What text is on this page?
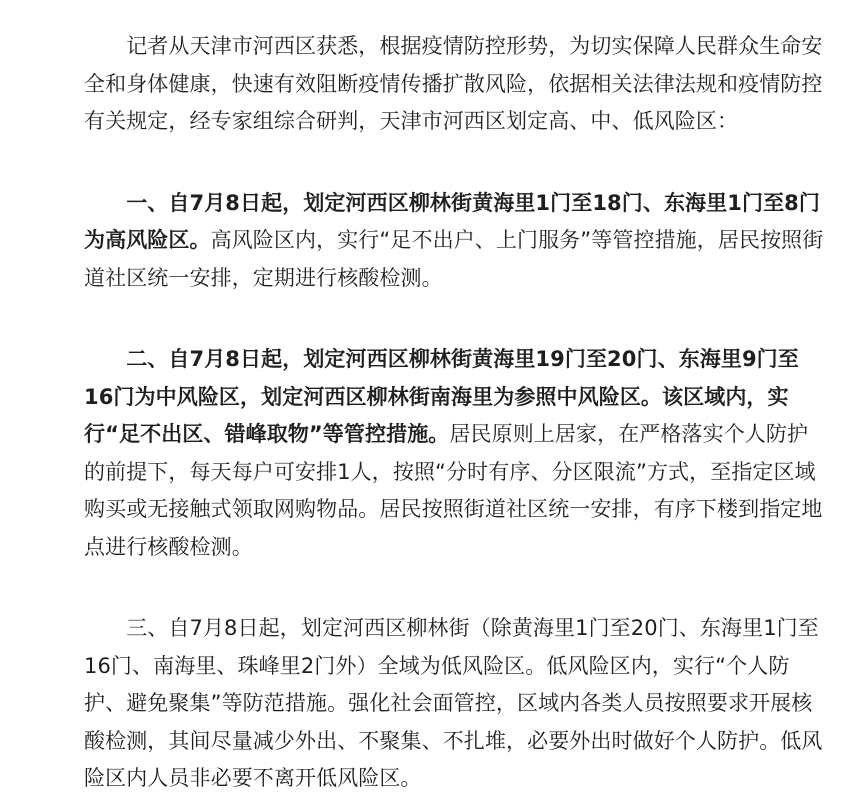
　　记者从天津市河西区获悉，根据疫情防控形势，为切实保障人民群众生命安全和身体健康，快速有效阻断疫情传播扩散风险，依据相关法律法规和疫情防控有关规定，经专家组综合研判，天津市河西区划定高、中、低风险区：

　　一、自7月8日起，划定河西区柳林街黄海里1门至18门、东海里1门至8门为高风险区。高风险区内，实行“足不出户、上门服务”等管控措施，居民按照街道社区统一安排，定期进行核酸检测。

　　二、自7月8日起，划定河西区柳林街黄海里19门至20门、东海里9门至16门为中风险区，划定河西区柳林街南海里为参照中风险区。该区域内，实行“足不出区、错峰取物”等管控措施。居民原则上居家，在严格落实个人防护的前提下，每天每户可安排1人，按照“分时有序、分区限流”方式，至指定区域购买或无接触式领取网购物品。居民按照街道社区统一安排，有序下楼到指定地点进行核酸检测。

　　三、自7月8日起，划定河西区柳林街（除黄海里1门至20门、东海里1门至16门、南海里、珠峰里2门外）全域为低风险区。低风险区内，实行“个人防护、避免聚集”等防范措施。强化社会面管控，区域内各类人员按照要求开展核酸检测，其间尽量减少外出、不聚集、不扎堆，必要外出时做好个人防护。低风险区内人员非必要不离开低风险区。
